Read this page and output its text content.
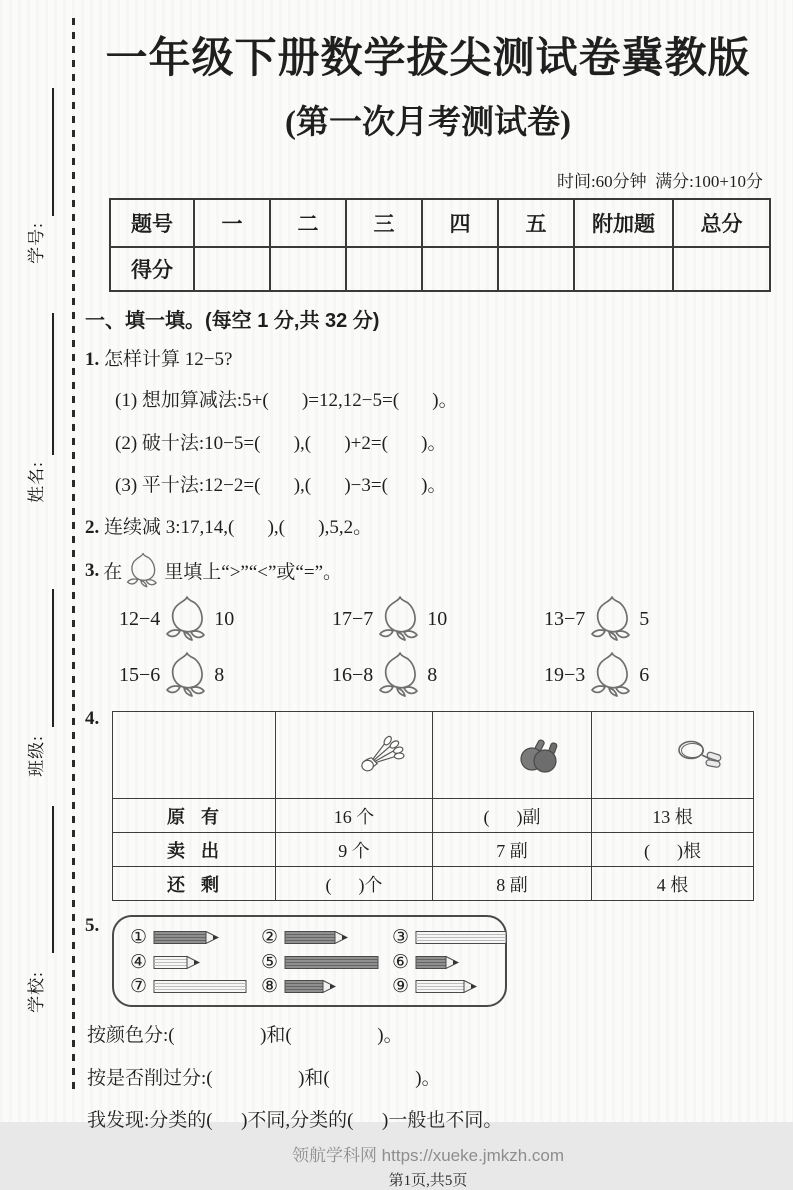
学号:
姓名:
班级:
学校:
一年级下册数学拔尖测试卷冀教版
(第一次月考测试卷)
时间:60分钟  满分:100+10分
题号	一	二	三	四	五	附加题	总分
得分							
一、填一填。(每空 1 分,共 32 分)
1. 怎样计算 12−5?
(1) 想加算减法:5+(       )=12,12−5=(       )。
(2) 破十法:10−5=(       ),(       )+2=(       )。
(3) 平十法:12−2=(       ),(       )−3=(       )。
2. 连续减 3:17,14,(       ),(       ),5,2。
3. 在 里填上“>”“<”或“=”。
12−4	10	17−7	10	13−7	5
15−6	8	16−8	8	19−3	6
4.

原  有	16 个	(      )副	13 根
卖  出	9 个	7 副	(      )根
还  剩	(      )个	8 副	4 根
5.
①	②	③
④	⑤	⑥
⑦	⑧	⑨
按颜色分:(                  )和(                  )。
按是否削过分:(                  )和(                  )。
我发现:分类的(      )不同,分类的(      )一般也不同。
领航学科网 https://xueke.jmkzh.com
第1页,共5页
